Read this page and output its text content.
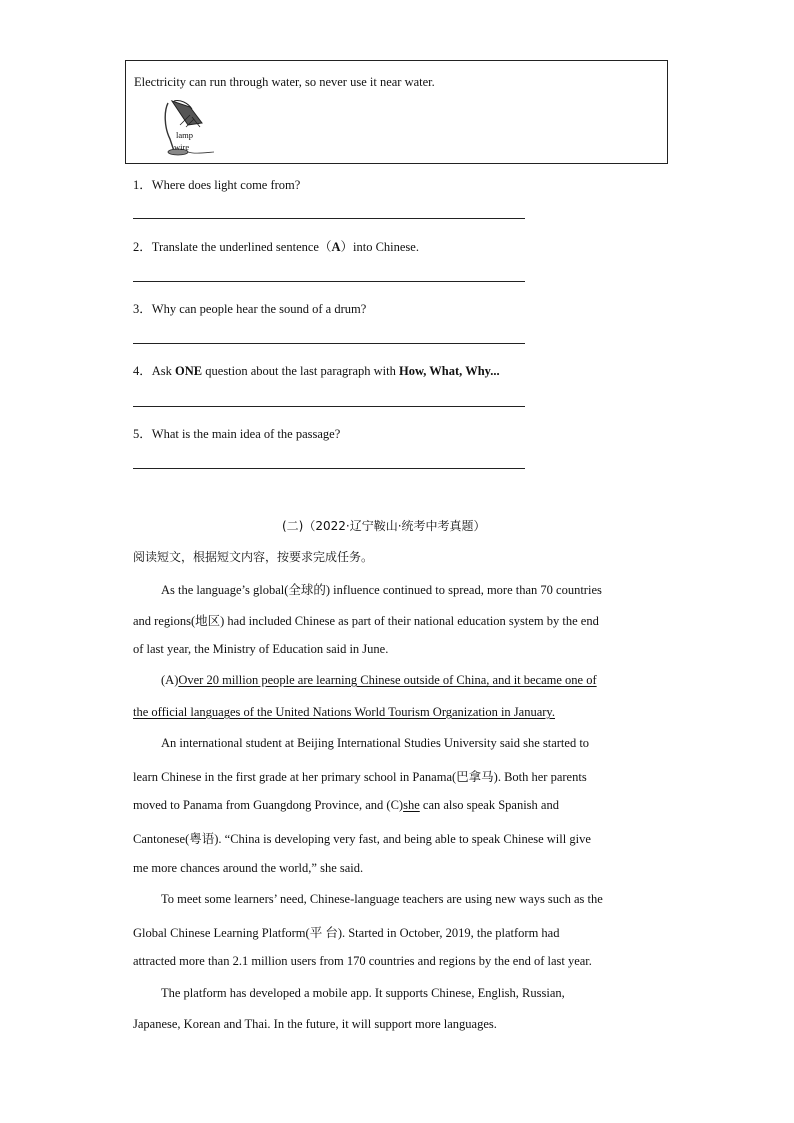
Electricity can run through water, so never use it near water.
lamp
wire
1．Where does light come from?
2．Translate the underlined sentence（A）into Chinese.
3．Why can people hear the sound of a drum?
4．Ask ONE question about the last paragraph with How, What, Why...
5．What is the main idea of the passage?
(二)（2022·辽宁鞍山·统考中考真题）
阅读短文，根据短文内容，按要求完成任务。
As the language’s global(全球的) influence continued to spread, more than 70 countries
and regions(地区) had included Chinese as part of their national education system by the end
of last year, the Ministry of Education said in June.
(A)Over 20 million people are learning Chinese outside of China, and it became one of
the official languages of the United Nations World Tourism Organization in January.
An international student at Beijing International Studies University said she started to
learn Chinese in the first grade at her primary school in Panama(巴拿马). Both her parents
moved to Panama from Guangdong Province, and (C)she can also speak Spanish and
Cantonese(粤语). “China is developing very fast, and being able to speak Chinese will give
me more chances around the world,” she said.
To meet some learners’ need, Chinese-language teachers are using new ways such as the
Global Chinese Learning Platform(平 台). Started in October, 2019, the platform had
attracted more than 2.1 million users from 170 countries and regions by the end of last year.
The platform has developed a mobile app. It supports Chinese, English, Russian,
Japanese, Korean and Thai. In the future, it will support more languages.
